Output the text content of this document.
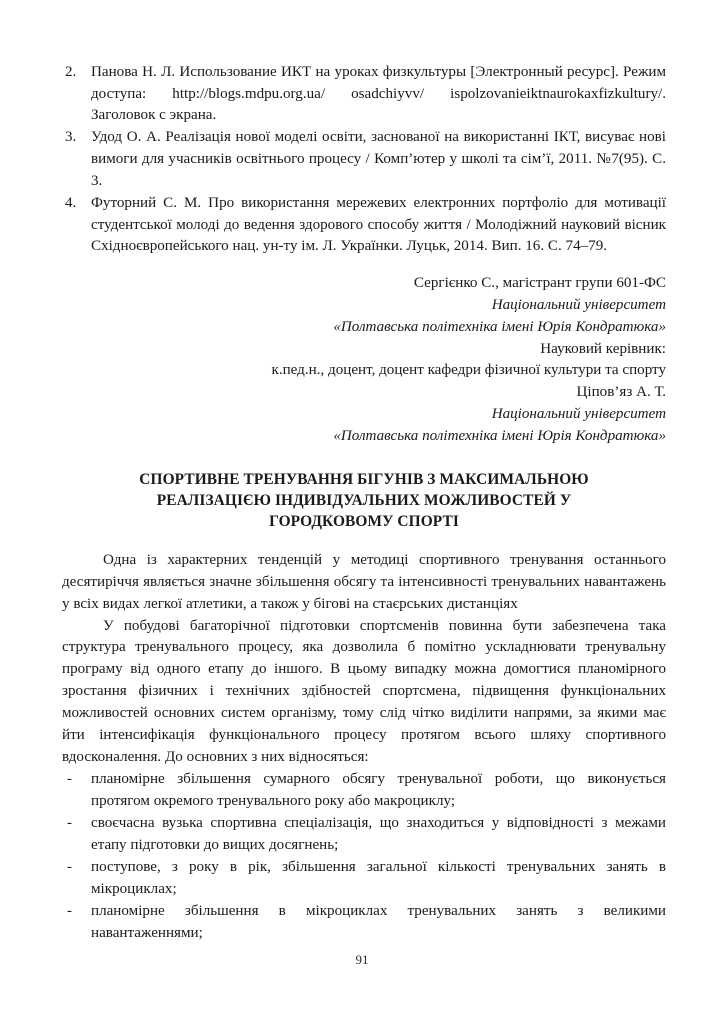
2. Панова Н. Л. Использование ИКТ на уроках физкультуры [Электронный ресурс]. Режим доступа: http://blogs.mdpu.org.ua/ osadchiyvv/ ispolzovanieiktnaurokaxfizkultury/. Заголовок с экрана.
3. Удод О. А. Реалізація нової моделі освіти, заснованої на використанні ІКТ, висуває нові вимоги для учасників освітнього процесу / Комп’ютер у школі та сім’ї, 2011. №7(95). С. 3.
4. Футорний С. М. Про використання мережевих електронних портфоліо для мотивації студентської молоді до ведення здорового способу життя / Молодіжний науковий вісник Східноєвропейського нац. ун-ту ім. Л. Українки. Луцьк, 2014. Вип. 16. С. 74–79.
Сергієнко С., магістрант групи 601-ФС
Національний університет
«Полтавська політехніка імені Юрія Кондратюка»
Науковий керівник:
к.пед.н., доцент, доцент кафедри фізичної культури та спорту
Ціпов’яз А. Т.
Національний університет
«Полтавська політехніка імені Юрія Кондратюка»
СПОРТИВНЕ ТРЕНУВАННЯ БІГУНІВ З МАКСИМАЛЬНОЮ
РЕАЛІЗАЦІЄЮ ІНДИВІДУАЛЬНИХ МОЖЛИВОСТЕЙ У
ГОРОДКОВОМУ СПОРТІ

Одна із характерних тенденцій у методиці спортивного тренування останнього десятиріччя являється значне збільшення обсягу та інтенсивності тренувальних навантажень у всіх видах легкої атлетики, а також у бігові на стаєрських дистанціях

У побудові багаторічної підготовки спортсменів повинна бути забезпечена така структура тренувального процесу, яка дозволила б помітно ускладнювати тренувальну програму від одного етапу до іншого. В цьому випадку можна домогтися планомірного зростання фізичних і технічних здібностей спортсмена, підвищення функціональних можливостей основних систем організму, тому слід чітко виділити напрями, за якими має йти інтенсифікація функціонального процесу протягом всього шляху спортивного вдосконалення. До основних з них відносяться:

- планомірне збільшення сумарного обсягу тренувальної роботи, що виконується протягом окремого тренувального року або макроциклу;
- своєчасна вузька спортивна спеціалізація, що знаходиться у відповідності з межами етапу підготовки до вищих досягнень;
- поступове, з року в рік, збільшення загальної кількості тренувальних занять в мікроциклах;
- планомірне збільшення в мікроциклах тренувальних занять з великими навантаженнями;
91
